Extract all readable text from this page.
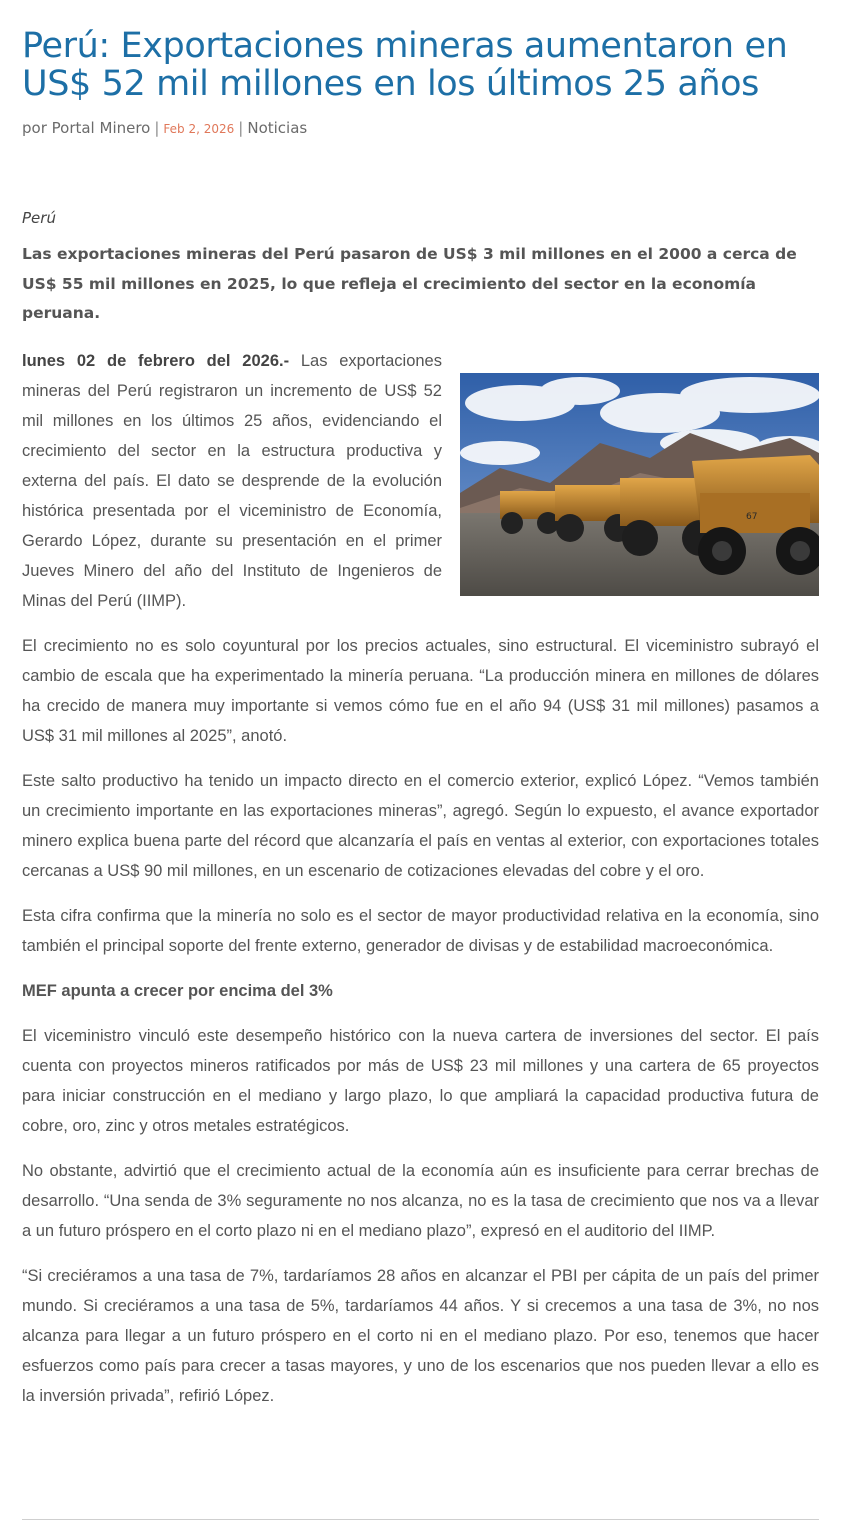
Perú: Exportaciones mineras aumentaron en US$ 52 mil millones en los últimos 25 años
por Portal Minero | Feb 2, 2026 | Noticias

Perú

Las exportaciones mineras del Perú pasaron de US$ 3 mil millones en el 2000 a cerca de US$ 55 mil millones en 2025, lo que refleja el crecimiento del sector en la economía peruana.

67

lunes 02 de febrero del 2026.- Las exportaciones mineras del Perú registraron un incremento de US$ 52 mil millones en los últimos 25 años, evidenciando el crecimiento del sector en la estructura productiva y externa del país. El dato se desprende de la evolución histórica presentada por el viceministro de Economía, Gerardo López, durante su presentación en el primer Jueves Minero del año del Instituto de Ingenieros de Minas del Perú (IIMP).

El crecimiento no es solo coyuntural por los precios actuales, sino estructural. El viceministro subrayó el cambio de escala que ha experimentado la minería peruana. “La producción minera en millones de dólares ha crecido de manera muy importante si vemos cómo fue en el año 94 (US$ 31 mil millones) pasamos a US$ 31 mil millones al 2025”, anotó.

Este salto productivo ha tenido un impacto directo en el comercio exterior, explicó López. “Vemos también un crecimiento importante en las exportaciones mineras”, agregó. Según lo expuesto, el avance exportador minero explica buena parte del récord que alcanzaría el país en ventas al exterior, con exportaciones totales cercanas a US$ 90 mil millones, en un escenario de cotizaciones elevadas del cobre y el oro.

Esta cifra confirma que la minería no solo es el sector de mayor productividad relativa en la economía, sino también el principal soporte del frente externo, generador de divisas y de estabilidad macroeconómica.

MEF apunta a crecer por encima del 3%

El viceministro vinculó este desempeño histórico con la nueva cartera de inversiones del sector. El país cuenta con proyectos mineros ratificados por más de US$ 23 mil millones y una cartera de 65 proyectos para iniciar construcción en el mediano y largo plazo, lo que ampliará la capacidad productiva futura de cobre, oro, zinc y otros metales estratégicos.

No obstante, advirtió que el crecimiento actual de la economía aún es insuficiente para cerrar brechas de desarrollo. “Una senda de 3% seguramente no nos alcanza, no es la tasa de crecimiento que nos va a llevar a un futuro próspero en el corto plazo ni en el mediano plazo”, expresó en el auditorio del IIMP.

“Si creciéramos a una tasa de 7%, tardaríamos 28 años en alcanzar el PBI per cápita de un país del primer mundo. Si creciéramos a una tasa de 5%, tardaríamos 44 años. Y si crecemos a una tasa de 3%, no nos alcanza para llegar a un futuro próspero en el corto ni en el mediano plazo. Por eso, tenemos que hacer esfuerzos como país para crecer a tasas mayores, y uno de los escenarios que nos pueden llevar a ello es la inversión privada”, refirió López.
